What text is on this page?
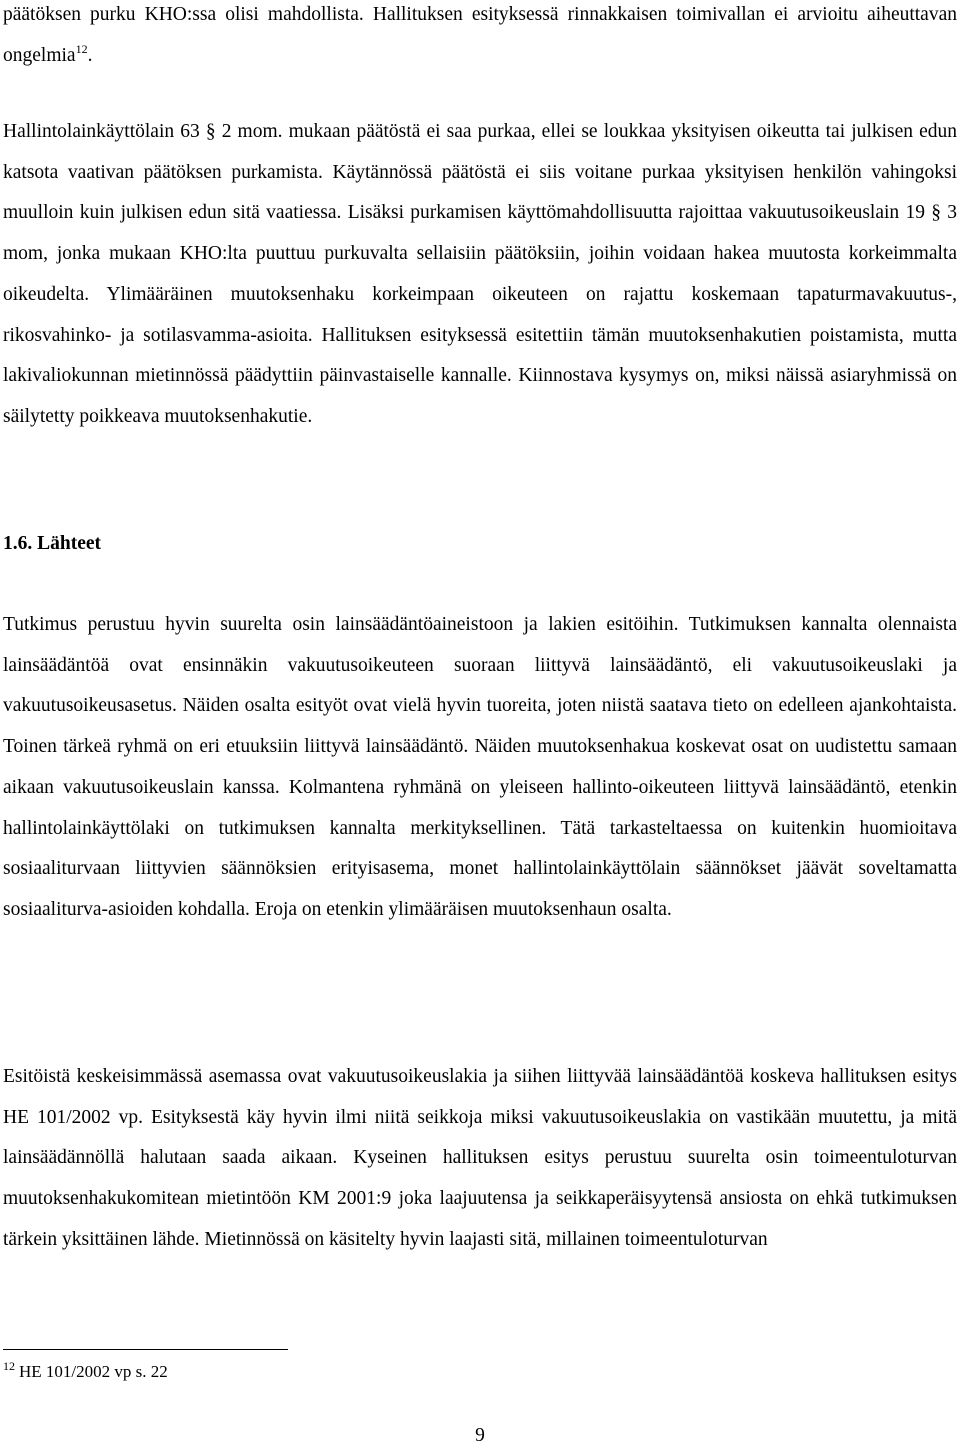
päätöksen purku KHO:ssa olisi mahdollista. Hallituksen esityksessä rinnakkaisen toimivallan ei arvioitu aiheuttavan ongelmia$^{12}$.

Hallintolainkäyttölain 63 § 2 mom. mukaan päätöstä ei saa purkaa, ellei se loukkaa yksityisen oikeutta tai julkisen edun katsota vaativan päätöksen purkamista. Käytännössä päätöstä ei siis voitane purkaa yksityisen henkilön vahingoksi muulloin kuin julkisen edun sitä vaatiessa. Lisäksi purkamisen käyttömahdollisuutta rajoittaa vakuutusoikeuslain 19 § 3 mom, jonka mukaan KHO:lta puuttuu purkuvalta sellaisiin päätöksiin, joihin voidaan hakea muutosta korkeimmalta oikeudelta. Ylimääräinen muutoksenhaku korkeimpaan oikeuteen on rajattu koskemaan tapaturmavakuutus-, rikosvahinko- ja sotilasvamma-asioita. Hallituksen esityksessä esitettiin tämän muutoksenhakutien poistamista, mutta lakivaliokunnan mietinnössä päädyttiin päinvastaiselle kannalle. Kiinnostava kysymys on, miksi näissä asiaryhmissä on säilytetty poikkeava muutoksenhakutie.

1.6. Lähteet

Tutkimus perustuu hyvin suurelta osin lainsäädäntöaineistoon ja lakien esitöihin. Tutkimuksen kannalta olennaista lainsäädäntöä ovat ensinnäkin vakuutusoikeuteen suoraan liittyvä lainsäädäntö, eli vakuutusoikeuslaki ja vakuutusoikeusasetus. Näiden osalta esityöt ovat vielä hyvin tuoreita, joten niistä saatava tieto on edelleen ajankohtaista. Toinen tärkeä ryhmä on eri etuuksiin liittyvä lainsäädäntö. Näiden muutoksenhakua koskevat osat on uudistettu samaan aikaan vakuutusoikeuslain kanssa. Kolmantena ryhmänä on yleiseen hallinto-oikeuteen liittyvä lainsäädäntö, etenkin hallintolainkäyttölaki on tutkimuksen kannalta merkityksellinen. Tätä tarkasteltaessa on kuitenkin huomioitava sosiaaliturvaan liittyvien säännöksien erityisasema, monet hallintolainkäyttölain säännökset jäävät soveltamatta sosiaaliturva-asioiden kohdalla. Eroja on etenkin ylimääräisen muutoksenhaun osalta.

Esitöistä keskeisimmässä asemassa ovat vakuutusoikeuslakia ja siihen liittyvää lainsäädäntöä koskeva hallituksen esitys HE 101/2002 vp. Esityksestä käy hyvin ilmi niitä seikkoja miksi vakuutusoikeuslakia on vastikään muutettu, ja mitä lainsäädännöllä halutaan saada aikaan. Kyseinen hallituksen esitys perustuu suurelta osin toimeentuloturvan muutoksenhakukomitean mietintöön KM 2001:9 joka laajuutensa ja seikkaperäisyytensä ansiosta on ehkä tutkimuksen tärkein yksittäinen lähde. Mietinnössä on käsitelty hyvin laajasti sitä, millainen toimeentuloturvan

$^{12}$ HE 101/2002 vp s. 22

9
